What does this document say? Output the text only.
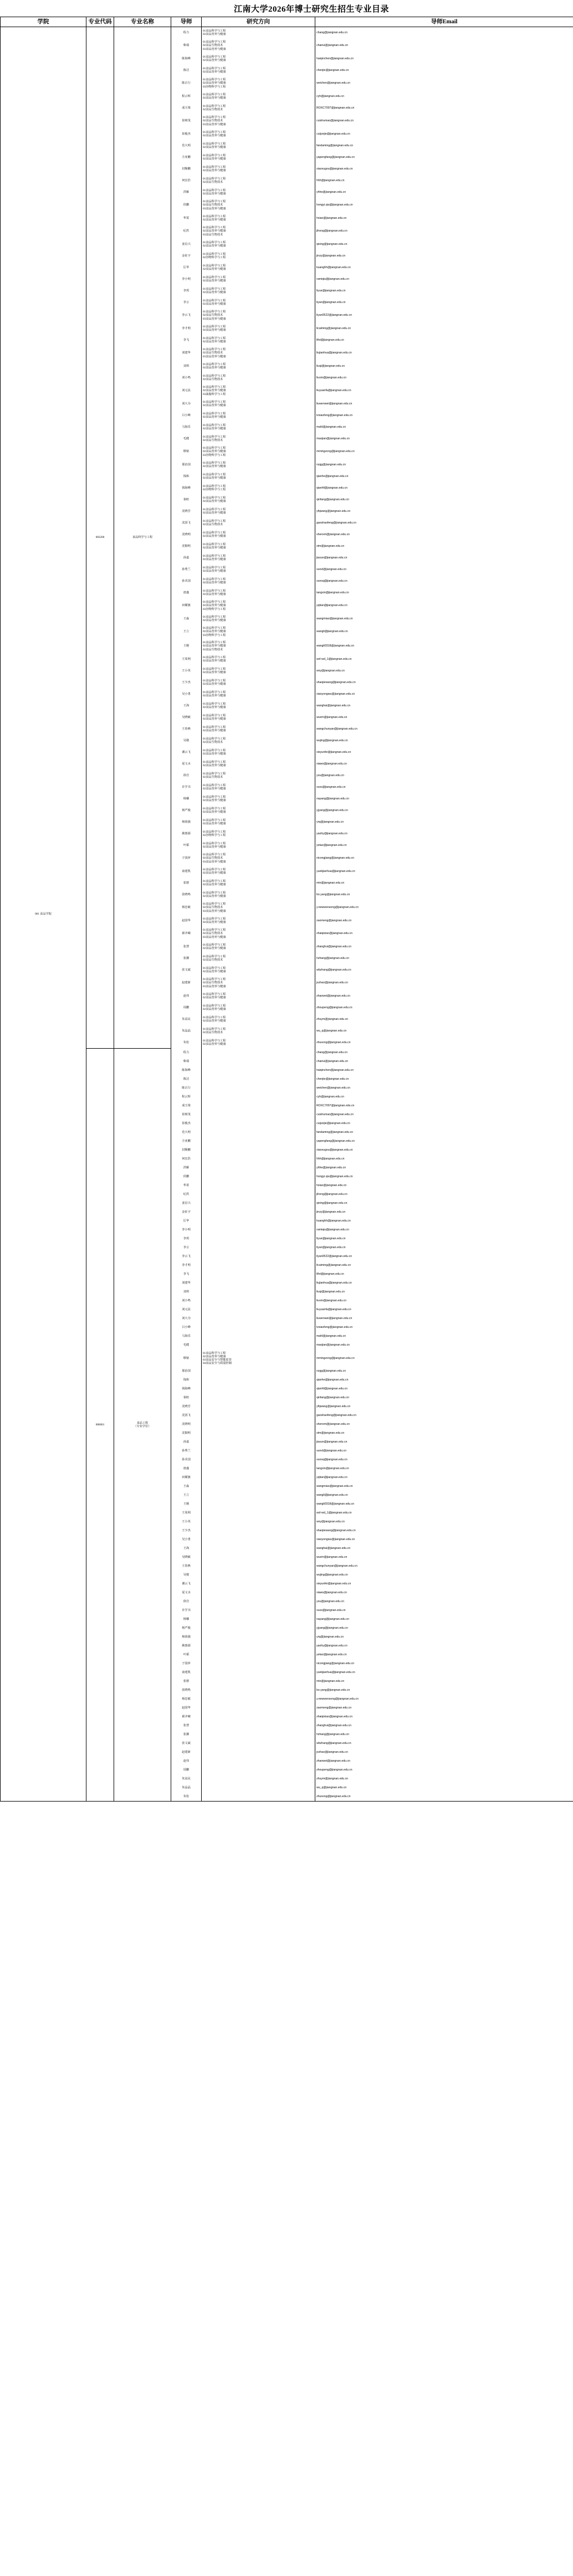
江南大学2026年博士研究生招生专业目录
学院	专业代码	专业名称	导师	研究方向	导师Email
001 食品学院	083200	食品科学与工程	程力	01食品科学与工程
02食品营养与健康	chang@jiangnan.edu.cn
			柴瑞	01食品科学与工程
02食品生物技术
03食品营养与健康	chairui@jiangnan.edu.cn
			陈海峰	01食品科学与工程
02食品营养与健康	haiqinchen@jiangnan.edu.cn
			陈洁	01食品科学与工程
02食品营养与健康	chenjie@jiangnan.edu.cn
			陈正行	01食品科学与工程
02食品营养与健康
03谷物科学与工程	weichen@jiangnan.edu.cn
			程云辉	01食品科学与工程
02食品营养与健康	cyh@jiangnan.edu.cn
			成玉梁	01食品科学与工程
02食品生物技术	ROXC7007@jiangnan.edu.cn
			崔树茂	01食品科学与工程
02食品生物技术
03食品营养与健康	cuishumao@jiangnan.edu.cn
			崔俊杰	01食品科学与工程
02食品营养与健康	cuijunjie@jiangnan.edu.cn
			范大明	01食品科学与工程
02食品营养与健康	fandaming@jiangnan.edu.cn
			方亚鹏	01食品科学与工程
02食品营养与健康	yapengfang@jiangnan.edu.cn
			封顺鹏	01食品科学与工程
02食品营养与健康	xiaoxugou@jiangnan.edu.cn
			何宏浩	01食品科学与工程
02食品生物技术	hhh@jiangnan.edu.cn
			洪雁	01食品科学与工程
02食品营养与健康	yhhe@jiangnan.edu.cn
			侯鹏	01食品科学与工程
02食品生物技术
03食品营养与健康	hongyi.qiu@jiangnan.edu.cn
			华霄	01食品科学与工程
02食品营养与健康	hxiao@jiangnan.edu.cn
			纪洪	01食品科学与工程
02食品营养与健康
03食品生物技术	jihong@jiangnan.edu.cn
			姜启兴	01食品科学与工程
02食品营养与健康	qixing@jiangnan.edu.cn
			金征宇	01食品科学与工程
02谷物科学与工程	jinzy@jiangnan.edu.cn
			匡华	01食品科学与工程
02食品营养与健康	kuanghh@jiangnan.edu.cn
			李小明	01食品科学与工程
02食品营养与健康	ramiqiu@jiangnan.edu.cn
			李玥	01食品科学与工程
02食品营养与健康	liyue@jiangnan.edu.cn
			李言	01食品科学与工程
02食品营养与健康	liyan@jiangnan.edu.cn
			李云飞	01食品科学与工程
02食品生物技术
03食品营养与健康	liyan0522@jiangnan.edu.cn
			李才明	01食品科学与工程
02食品营养与健康	licaiming@jiangnan.edu.cn
			李飞	01食品科学与工程
02食品营养与健康	lifei@jiangnan.edu.cn
			刘建华	01食品科学与工程
02食品生物技术
03食品营养与健康	liujianhua@jiangnan.edu.cn
			刘琪	01食品科学与工程
02食品营养与健康	liuqi@jiangnan.edu.cn
			刘小鸣	01食品科学与工程
02食品生物技术	liuxm@jiangnan.edu.cn
			刘元法	01食品科学与工程
02食品营养与健康
03油脂科学与工程	liuyuanfa@jiangnan.edu.cn
			刘大为	01食品科学与工程
02食品营养与健康	liuwenwei@jiangnan.edu.cn
			吕小峰	01食品科学与工程
02食品营养与健康	lvxiaofeng@jiangnan.edu.cn
			马海乐	01食品科学与工程
02食品营养与健康	mahl@jiangnan.edu.cn
			毛健	01食品科学与工程
02食品生物技术	maojian@jiangnan.edu.cn
			缪铭	01食品科学与工程
02食品营养与健康
03谷物科学与工程	mmingzong@jiangnan.edu.cn
			那治国	01食品科学与工程
02食品营养与健康	nzgg@jiangnan.edu.cn
			钱和	01食品科学与工程
02食品营养与健康	qianhe@jiangnan.edu.cn
			钱海峰	01食品科学与工程
02谷物科学与工程	qianhf@jiangnan.edu.cn
			秦昉	01食品科学与工程
02食品营养与健康	qinfang@jiangnan.edu.cn
			沈晓芳	01食品科学与工程
02食品营养与健康	yfqwang@jiangnan.edu.cn
			沈国飞	01食品科学与工程
02食品生物技术	gaoshaofeng@jiangnan.edu.cn
			沈晓明	01食品科学与工程
02食品营养与健康	shenxm@jiangnan.edu.cn
			沈铜明	01食品科学与工程
02食品营养与健康	stm@jiangnan.edu.cn
			孙嘉	01食品科学与工程
02食品营养与健康	jiasun@jiangnan.edu.cn
			孙秀兰	01食品科学与工程
02食品营养与健康	sunxl@jiangnan.edu.cn
			孙术国	01食品科学与工程
02食品营养与健康	sunsq@jiangnan.edu.cn
			唐鑫	01食品科学与工程
02食品营养与健康	tangxin@jiangnan.edu.cn
			田耀旗	01食品科学与工程
02食品营养与健康
03谷物科学与工程	yqtian@jiangnan.edu.cn
			王淼	01食品科学与工程
02食品营养与健康	wangmiao@jiangnan.edu.cn
			王立	01食品科学与工程
02食品营养与健康
03谷物科学与工程	wangli@jiangnan.edu.cn
			王刚	01食品科学与工程
02食品营养与健康
03食品生物技术	wangli0318@jiangnan.edu.cn
			王周利	01食品科学与工程
02食品营养与健康	wzl-wd_1@jiangnan.edu.cn
			王小英	01食品科学与工程
02食品营养与健康	wxy@jiangnan.edu.cn
			王少杰	01食品科学与工程
02食品营养与健康	shaojiewang@jiangnan.edu.cn
			吴小勇	01食品科学与工程
02食品营养与健康	xiaoyongwu@jiangnan.edu.cn
			王海	01食品科学与工程
02食品营养与健康	wanghai@jiangnan.edu.cn
			吴晓敏	01食品科学与工程
02食品营养与健康	wuxm@jiangnan.edu.cn
			王春燕	01食品科学与工程
02食品营养与健康	wangchunyan@jiangnan.edu.cn
			吴敬	01食品科学与工程
02食品生物技术	wujing@jiangnan.edu.cn
			谢云飞	01食品科学与工程
02食品营养与健康	xieyunfei@jiangnan.edu.cn
			夏文水	01食品科学与工程
02食品营养与健康	xiaws@jiangnan.edu.cn
			徐岩	01食品科学与工程
02食品生物技术	yxu@jiangnan.edu.cn
			许学书	01食品科学与工程
02食品营养与健康	xuxs@jiangnan.edu.cn
			杨哪	01食品科学与工程
02食品营养与健康	nayang@jiangnan.edu.cn
			杨严俊	01食品科学与工程
02食品营养与健康	yjyang@jiangnan.edu.cn
			杨润强	01食品科学与工程
02食品营养与健康	yrq@jiangnan.edu.cn
			姚惠源	01食品科学与工程
02谷物科学与工程	yaohy@jiangnan.edu.cn
			叶韬	01食品科学与工程
02食品营养与健康	yetao@jiangnan.edu.cn
			于国萍	01食品科学与工程
02食品生物技术
03食品营养与健康	nicongjiang@jiangnan.edu.cn
			俞建凯	01食品科学与工程
02食品营养与健康	yuekjianhua@jiangnan.edu.cn
			张慜	01食品科学与工程
02食品营养与健康	min@jiangnan.edu.cn
			张晓鸣	01食品科学与工程
02食品营养与健康	bo.yang@jiangnan.edu.cn
			杨忠敏	01食品科学与工程
02食品生物技术
03食品营养与健康	y.newwensong@jiangnan.edu.cn
			赵国华	01食品科学与工程
02食品营养与健康	zaomeng@jiangnan.edu.cn
			翟齐啸	01食品科学与工程
02食品生物技术
03食品营养与健康	zhaiqixiao@jiangnan.edu.cn
			张慧	01食品科学与工程
02食品营养与健康	zhanghui@jiangnan.edu.cn
			张灏	01食品科学与工程
02食品生物技术	hzhang@jiangnan.edu.cn
			张文斌	01食品科学与工程
02食品营养与健康	wbzhang@jiangnan.edu.cn
			赵建新	01食品科学与工程
02食品生物技术
03食品营养与健康	jxzhao@jiangnan.edu.cn
			赵伟	01食品科学与工程
02食品营养与健康	zhaowei@jiangnan.edu.cn
			周鹏	01食品科学与工程
02食品营养与健康	zhoupeng@jiangnan.edu.cn
			朱益民	01食品科学与工程
02食品营养与健康	zhuym@jiangnan.edu.cn
			朱晶晶	01食品科学与工程
02食品生物技术	wu_q@jiangnan.edu.cn
			朱松	01食品科学与工程
02食品营养与健康	zhusong@jiangnan.edu.cn
	086001	食品工程
（专业学位）	程力		chang@jiangnan.edu.cn
			柴瑞		chairui@jiangnan.edu.cn
			陈海峰		haiqinchen@jiangnan.edu.cn
			陈洁		chenjie@jiangnan.edu.cn
			陈正行		weichen@jiangnan.edu.cn
			程云辉		cyh@jiangnan.edu.cn
			成玉梁		ROXC7007@jiangnan.edu.cn
			崔树茂		cuishumao@jiangnan.edu.cn
			崔俊杰		cuijunjie@jiangnan.edu.cn
			范大明		fandaming@jiangnan.edu.cn
			方亚鹏		yapengfang@jiangnan.edu.cn
			封顺鹏		xiaoxugou@jiangnan.edu.cn
			何宏浩		hhh@jiangnan.edu.cn
			洪雁		yhhe@jiangnan.edu.cn
			侯鹏		hongyi.qiu@jiangnan.edu.cn
			华霄		hxiao@jiangnan.edu.cn
			纪洪		jihong@jiangnan.edu.cn
			姜启兴		qixing@jiangnan.edu.cn
			金征宇		jinzy@jiangnan.edu.cn
			匡华		kuanghh@jiangnan.edu.cn
			李小明		ramiqiu@jiangnan.edu.cn
			李玥		liyue@jiangnan.edu.cn
			李言		liyan@jiangnan.edu.cn
			李云飞		liyan0522@jiangnan.edu.cn
			李才明		licaiming@jiangnan.edu.cn
			李飞		lifei@jiangnan.edu.cn
			刘建华		liujianhua@jiangnan.edu.cn
			刘琪		liuqi@jiangnan.edu.cn
			刘小鸣		liuxm@jiangnan.edu.cn
			刘元法		liuyuanfa@jiangnan.edu.cn
			刘大为		liuwenwei@jiangnan.edu.cn
			吕小峰		lvxiaofeng@jiangnan.edu.cn
			马海乐		mahl@jiangnan.edu.cn
			毛健		maojian@jiangnan.edu.cn
			缪铭	01食品科学与工程
02食品营养与健康
03食品安全与智能监管
04食品安全与质量控制	mmingzong@jiangnan.edu.cn
			那治国		nzgg@jiangnan.edu.cn
			钱和		qianhe@jiangnan.edu.cn
			钱海峰		qianhf@jiangnan.edu.cn
			秦昉		qinfang@jiangnan.edu.cn
			沈晓芳		yfqwang@jiangnan.edu.cn
			沈国飞		gaoshaofeng@jiangnan.edu.cn
			沈晓明		shenxm@jiangnan.edu.cn
			沈铜明		stm@jiangnan.edu.cn
			孙嘉		jiasun@jiangnan.edu.cn
			孙秀兰		sunxl@jiangnan.edu.cn
			孙术国		sunsq@jiangnan.edu.cn
			唐鑫		tangxin@jiangnan.edu.cn
			田耀旗		yqtian@jiangnan.edu.cn
			王淼		wangmiao@jiangnan.edu.cn
			王立		wangli@jiangnan.edu.cn
			王刚		wangli0318@jiangnan.edu.cn
			王周利		wzl-wd_1@jiangnan.edu.cn
			王小英		wxy@jiangnan.edu.cn
			王少杰		shaojiewang@jiangnan.edu.cn
			吴小勇		xiaoyongwu@jiangnan.edu.cn
			王海		wanghai@jiangnan.edu.cn
			吴晓敏		wuxm@jiangnan.edu.cn
			王春燕		wangchunyan@jiangnan.edu.cn
			吴敬		wujing@jiangnan.edu.cn
			谢云飞		xieyunfei@jiangnan.edu.cn
			夏文水		xiaws@jiangnan.edu.cn
			徐岩		yxu@jiangnan.edu.cn
			许学书		xuxs@jiangnan.edu.cn
			杨哪		nayang@jiangnan.edu.cn
			杨严俊		yjyang@jiangnan.edu.cn
			杨润强		yrq@jiangnan.edu.cn
			姚惠源		yaohy@jiangnan.edu.cn
			叶韬		yetao@jiangnan.edu.cn
			于国萍		nicongjiang@jiangnan.edu.cn
			俞建凯		yuekjianhua@jiangnan.edu.cn
			张慜		min@jiangnan.edu.cn
			张晓鸣		bo.yang@jiangnan.edu.cn
			杨忠敏		y.newwensong@jiangnan.edu.cn
			赵国华		zaomeng@jiangnan.edu.cn
			翟齐啸		zhaiqixiao@jiangnan.edu.cn
			张慧		zhanghui@jiangnan.edu.cn
			张灏		hzhang@jiangnan.edu.cn
			张文斌		wbzhang@jiangnan.edu.cn
			赵建新		jxzhao@jiangnan.edu.cn
			赵伟		zhaowei@jiangnan.edu.cn
			周鹏		zhoupeng@jiangnan.edu.cn
			朱益民		zhuym@jiangnan.edu.cn
			朱晶晶		wu_q@jiangnan.edu.cn
			朱松		zhusong@jiangnan.edu.cn
